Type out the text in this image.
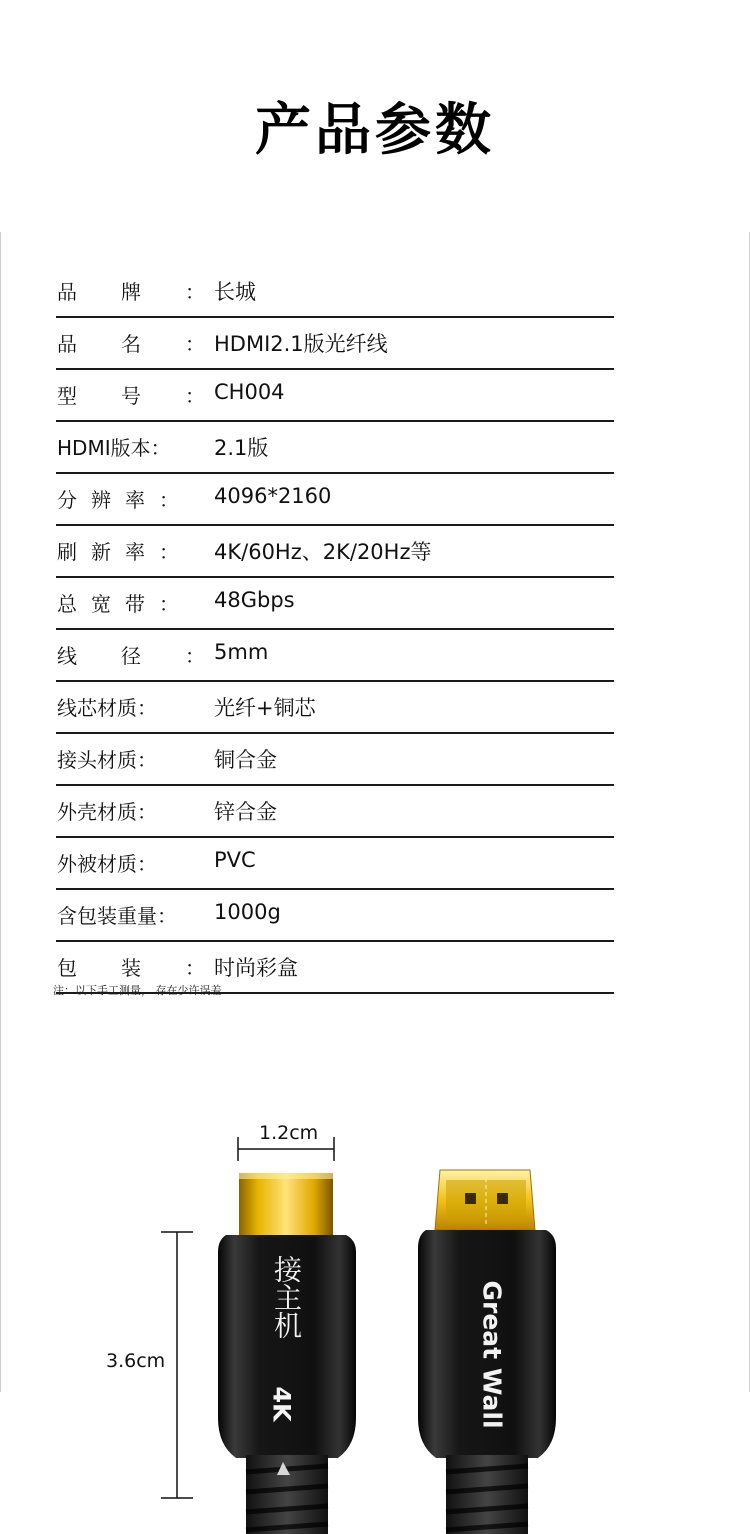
产品参数
品牌： 长城
品名： HDMI2.1版光纤线
型号： CH004
HDMI版本： 2.1版
分辨率： 4096*2160
刷新率： 4K/60Hz、2K/20Hz等
总宽带： 48Gbps
线径： 5mm
线芯材质：	光纤+铜芯
接头材质：	铜合金
外壳材质：	锌合金
外被材质：	PVC
含包装重量： 1000g
包装： 时尚彩盒
注：以下手工测量， 存在少许误差
1.2cm
3.6cm
接主机
4K	Great Wall
